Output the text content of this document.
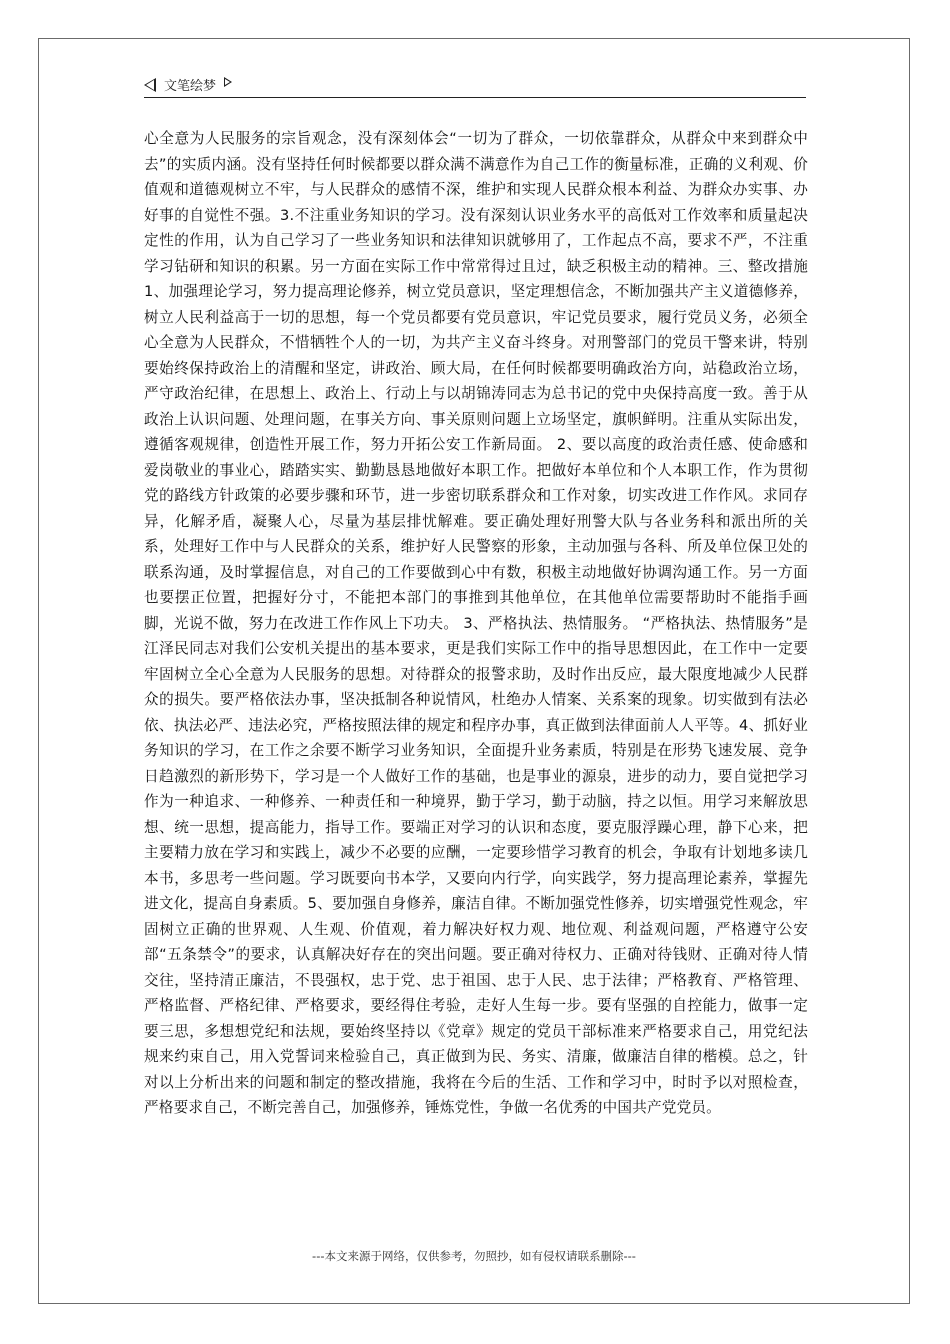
文笔绘梦

心全意为人民服务的宗旨观念，没有深刻体会“一切为了群众，一切依靠群众，从群众中来到群众中去”的实质内涵。没有坚持任何时候都要以群众满不满意作为自己工作的衡量标准，正确的义利观、价值观和道德观树立不牢，与人民群众的感情不深，维护和实现人民群众根本利益、为群众办实事、办好事的自觉性不强。3.不注重业务知识的学习。没有深刻认识业务水平的高低对工作效率和质量起决定性的作用，认为自己学习了一些业务知识和法律知识就够用了，工作起点不高，要求不严，不注重学习钻研和知识的积累。另一方面在实际工作中常常得过且过，缺乏积极主动的精神。三、整改措施 1、加强理论学习，努力提高理论修养，树立党员意识，坚定理想信念，不断加强共产主义道德修养，树立人民利益高于一切的思想，每一个党员都要有党员意识，牢记党员要求，履行党员义务，必须全心全意为人民群众，不惜牺牲个人的一切，为共产主义奋斗终身。对刑警部门的党员干警来讲，特别要始终保持政治上的清醒和坚定，讲政治、顾大局，在任何时候都要明确政治方向，站稳政治立场，严守政治纪律，在思想上、政治上、行动上与以胡锦涛同志为总书记的党中央保持高度一致。善于从政治上认识问题、处理问题，在事关方向、事关原则问题上立场坚定，旗帜鲜明。注重从实际出发，遵循客观规律，创造性开展工作，努力开拓公安工作新局面。 2、要以高度的政治责任感、使命感和爱岗敬业的事业心，踏踏实实、勤勤恳恳地做好本职工作。把做好本单位和个人本职工作，作为贯彻党的路线方针政策的必要步骤和环节，进一步密切联系群众和工作对象，切实改进工作作风。求同存异，化解矛盾，凝聚人心，尽量为基层排忧解难。要正确处理好刑警大队与各业务科和派出所的关系，处理好工作中与人民群众的关系，维护好人民警察的形象，主动加强与各科、所及单位保卫处的联系沟通，及时掌握信息，对自己的工作要做到心中有数，积极主动地做好协调沟通工作。另一方面也要摆正位置，把握好分寸，不能把本部门的事推到其他单位，在其他单位需要帮助时不能指手画脚，光说不做，努力在改进工作作风上下功夫。 3、严格执法、热情服务。 “严格执法、热情服务”是江泽民同志对我们公安机关提出的基本要求，更是我们实际工作中的指导思想因此，在工作中一定要牢固树立全心全意为人民服务的思想。对待群众的报警求助，及时作出反应，最大限度地减少人民群众的损失。要严格依法办事，坚决抵制各种说情风，杜绝办人情案、关系案的现象。切实做到有法必依、执法必严、违法必究，严格按照法律的规定和程序办事，真正做到法律面前人人平等。4、抓好业务知识的学习，在工作之余要不断学习业务知识，全面提升业务素质，特别是在形势飞速发展、竞争日趋激烈的新形势下，学习是一个人做好工作的基础，也是事业的源泉，进步的动力，要自觉把学习作为一种追求、一种修养、一种责任和一种境界，勤于学习，勤于动脑，持之以恒。用学习来解放思想、统一思想，提高能力，指导工作。要端正对学习的认识和态度，要克服浮躁心理，静下心来，把主要精力放在学习和实践上，减少不必要的应酬，一定要珍惜学习教育的机会，争取有计划地多读几本书，多思考一些问题。学习既要向书本学，又要向内行学，向实践学，努力提高理论素养，掌握先进文化，提高自身素质。5、要加强自身修养，廉洁自律。不断加强党性修养，切实增强党性观念，牢固树立正确的世界观、人生观、价值观，着力解决好权力观、地位观、利益观问题，严格遵守公安部“五条禁令”的要求，认真解决好存在的突出问题。要正确对待权力、正确对待钱财、正确对待人情交往，坚持清正廉洁，不畏强权，忠于党、忠于祖国、忠于人民、忠于法律；严格教育、严格管理、严格监督、严格纪律、严格要求，要经得住考验，走好人生每一步。要有坚强的自控能力，做事一定要三思，多想想党纪和法规，要始终坚持以《党章》规定的党员干部标准来严格要求自己，用党纪法规来约束自己，用入党誓词来检验自己，真正做到为民、务实、清廉，做廉洁自律的楷模。总之，针对以上分析出来的问题和制定的整改措施，我将在今后的生活、工作和学习中，时时予以对照检查，严格要求自己，不断完善自己，加强修养，锤炼党性，争做一名优秀的中国共产党党员。

---本文来源于网络，仅供参考，勿照抄，如有侵权请联系删除---
